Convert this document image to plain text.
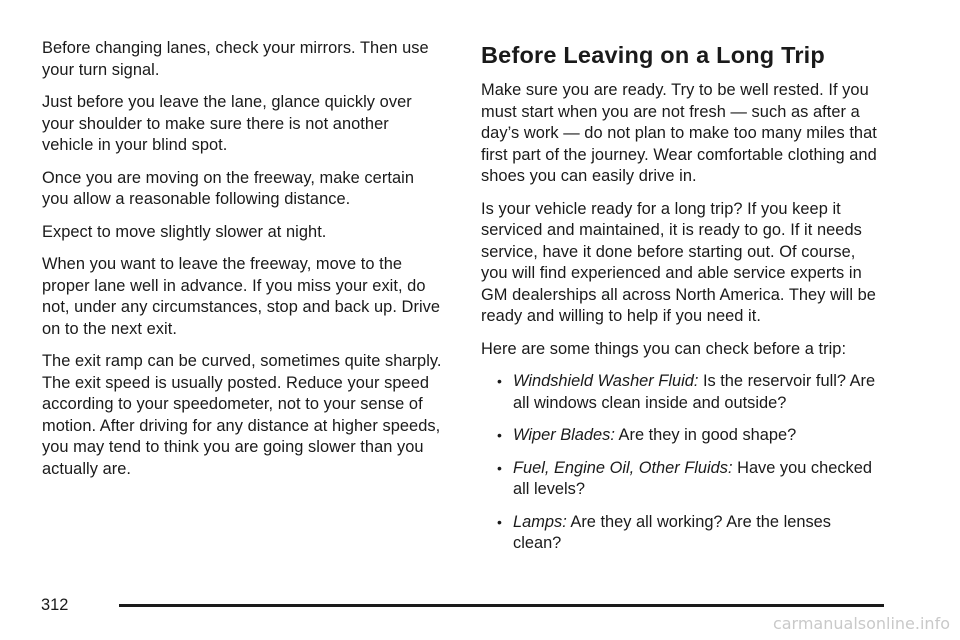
Before changing lanes, check your mirrors. Then use your turn signal.

Just before you leave the lane, glance quickly over your shoulder to make sure there is not another vehicle in your blind spot.

Once you are moving on the freeway, make certain you allow a reasonable following distance.

Expect to move slightly slower at night.

When you want to leave the freeway, move to the proper lane well in advance. If you miss your exit, do not, under any circumstances, stop and back up. Drive on to the next exit.

The exit ramp can be curved, sometimes quite sharply. The exit speed is usually posted. Reduce your speed according to your speedometer, not to your sense of motion. After driving for any distance at higher speeds, you may tend to think you are going slower than you actually are.

Before Leaving on a Long Trip

Make sure you are ready. Try to be well rested. If you must start when you are not fresh — such as after a day’s work — do not plan to make too many miles that first part of the journey. Wear comfortable clothing and shoes you can easily drive in.

Is your vehicle ready for a long trip? If you keep it serviced and maintained, it is ready to go. If it needs service, have it done before starting out. Of course, you will find experienced and able service experts in GM dealerships all across North America. They will be ready and willing to help if you need it.

Here are some things you can check before a trip:

• Windshield Washer Fluid: Is the reservoir full? Are all windows clean inside and outside?
• Wiper Blades: Are they in good shape?
• Fuel, Engine Oil, Other Fluids: Have you checked all levels?
• Lamps: Are they all working? Are the lenses clean?
312
carmanualsonline.info
